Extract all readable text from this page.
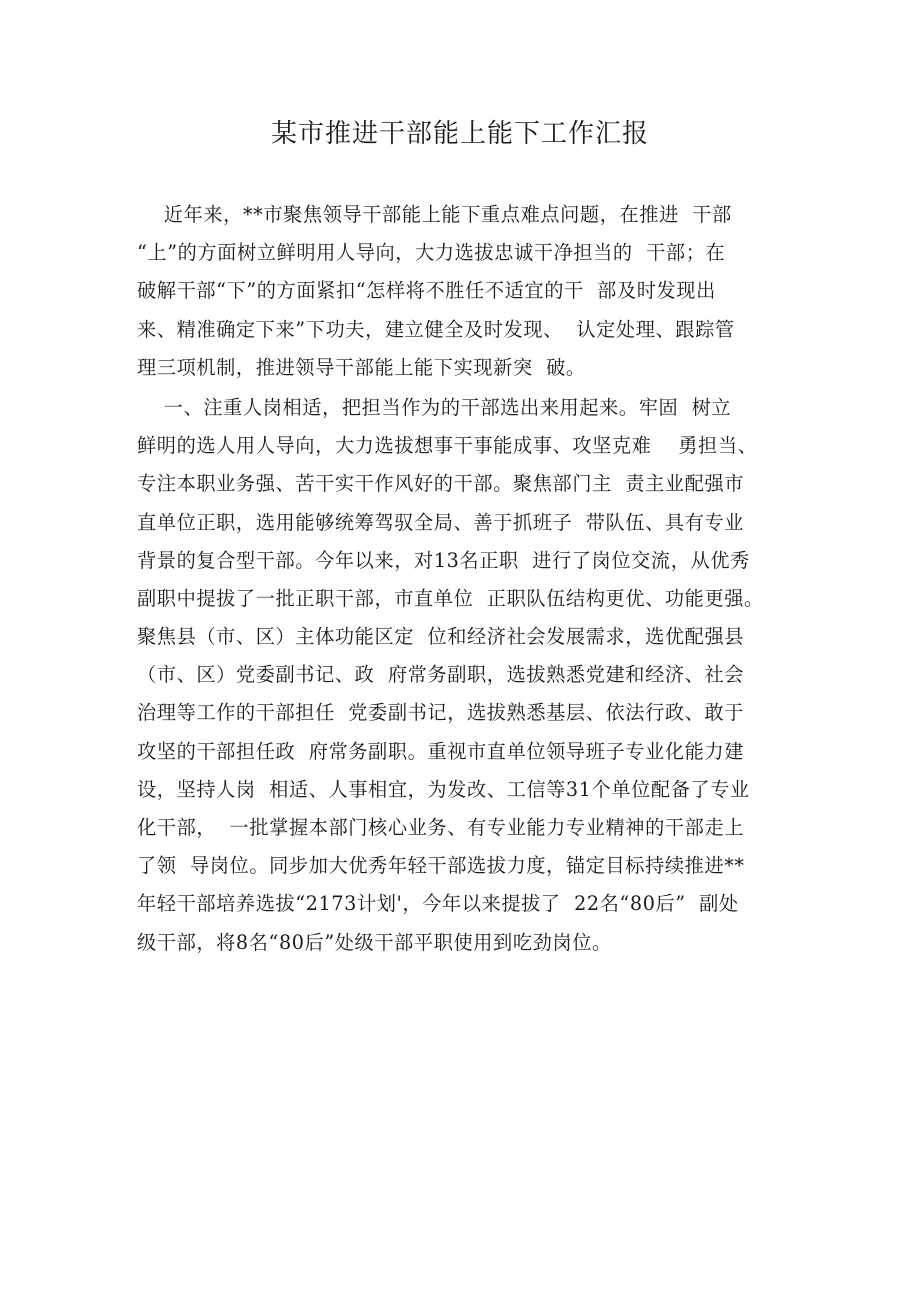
某市推进干部能上能下工作汇报

近年来，**市聚焦领导干部能上能下重点难点问题，在推进  干部

“上”的方面树立鲜明用人导向，大力选拔忠诚干净担当的  干部；在

破解干部“下”的方面紧扣“怎样将不胜任不适宜的干  部及时发现出

来、精准确定下来”下功夫，建立健全及时发现、  认定处理、跟踪管

理三项机制，推进领导干部能上能下实现新突  破。

一、注重人岗相适，把担当作为的干部选出来用起来。牢固  树立

鲜明的选人用人导向，大力选拔想事干事能成事、攻坚克难    勇担当、

专注本职业务强、苦干实干作风好的干部。聚焦部门主  责主业配强市

直单位正职，选用能够统筹驾驭全局、善于抓班子  带队伍、具有专业

背景的复合型干部。今年以来，对13名正职  进行了岗位交流，从优秀

副职中提拔了一批正职干部，市直单位  正职队伍结构更优、功能更强。

聚焦县（市、区）主体功能区定  位和经济社会发展需求，选优配强县

（市、区）党委副书记、政  府常务副职，选拔熟悉党建和经济、社会

治理等工作的干部担任  党委副书记，选拔熟悉基层、依法行政、敢于

攻坚的干部担任政  府常务副职。重视市直单位领导班子专业化能力建

设，坚持人岗  相适、人事相宜，为发改、工信等31个单位配备了专业

化干部，  一批掌握本部门核心业务、有专业能力专业精神的干部走上

了领  导岗位。同步加大优秀年轻干部选拔力度，锚定目标持续推进**

年轻干部培养选拔“2173计划'，今年以来提拔了  22名“80后”  副处

级干部，将8名“80后”处级干部平职使用到吃劲岗位。
